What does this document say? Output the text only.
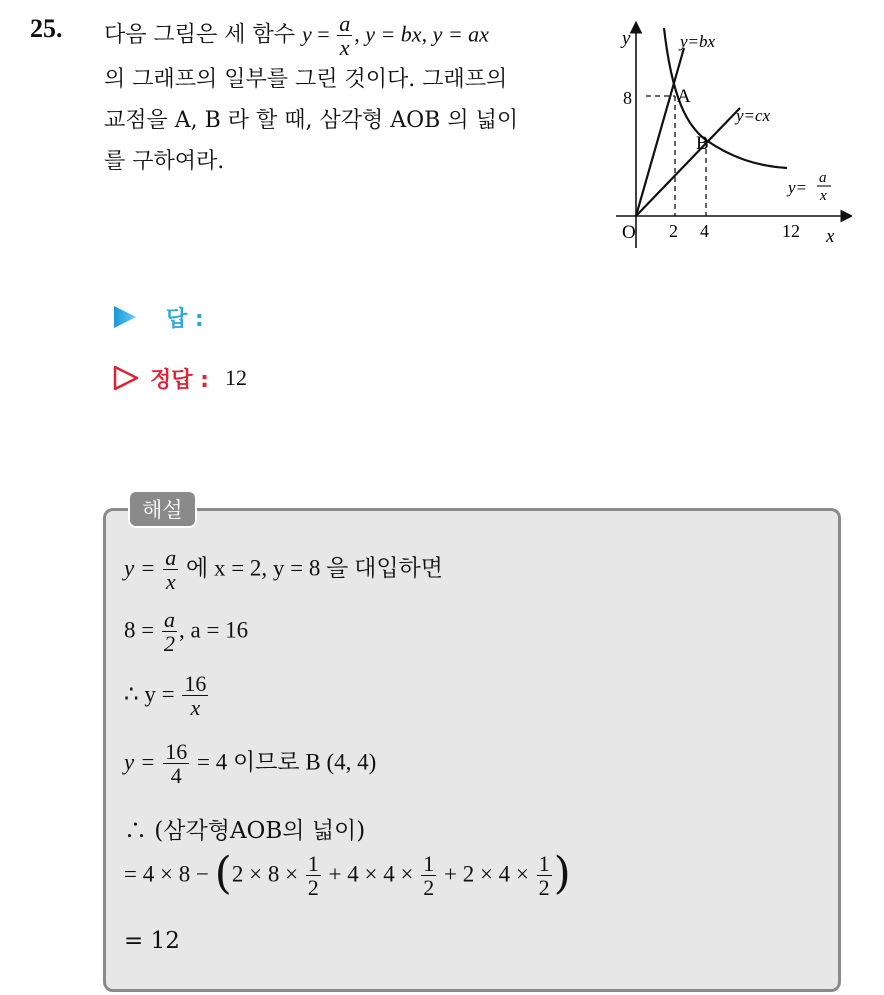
25. 다음 그림은 세 함수 $y = \frac{a}{x}$ , y = bx, y = ax
의 그래프의 일부를 그린 것이다. 그래프의
교점을 A, B 라 할 때, 삼각형 AOB 의 넓이
를 구하여라.
y
x
O
y=bx
y=cx
y= a
x
A
B
8
2 4	12
답 :
정답 : 12
해설
$y = \frac{a}{x}$ 에 x = 2, y = 8 을 대입하면
$8 = \frac{a}{2}$ , a = 16
∴ $y = \frac{16}{x}$
$y = \frac{16}{4} = 4$ 이므로 B (4, 4)
∴ (삼각형AOB의 넓이)
= $4 \times 8 - (2 \times 8 \times \frac{1}{2} + 4 \times 4 \times \frac{1}{2} + 2 \times 4 \times \frac{1}{2}$ )
= 12
